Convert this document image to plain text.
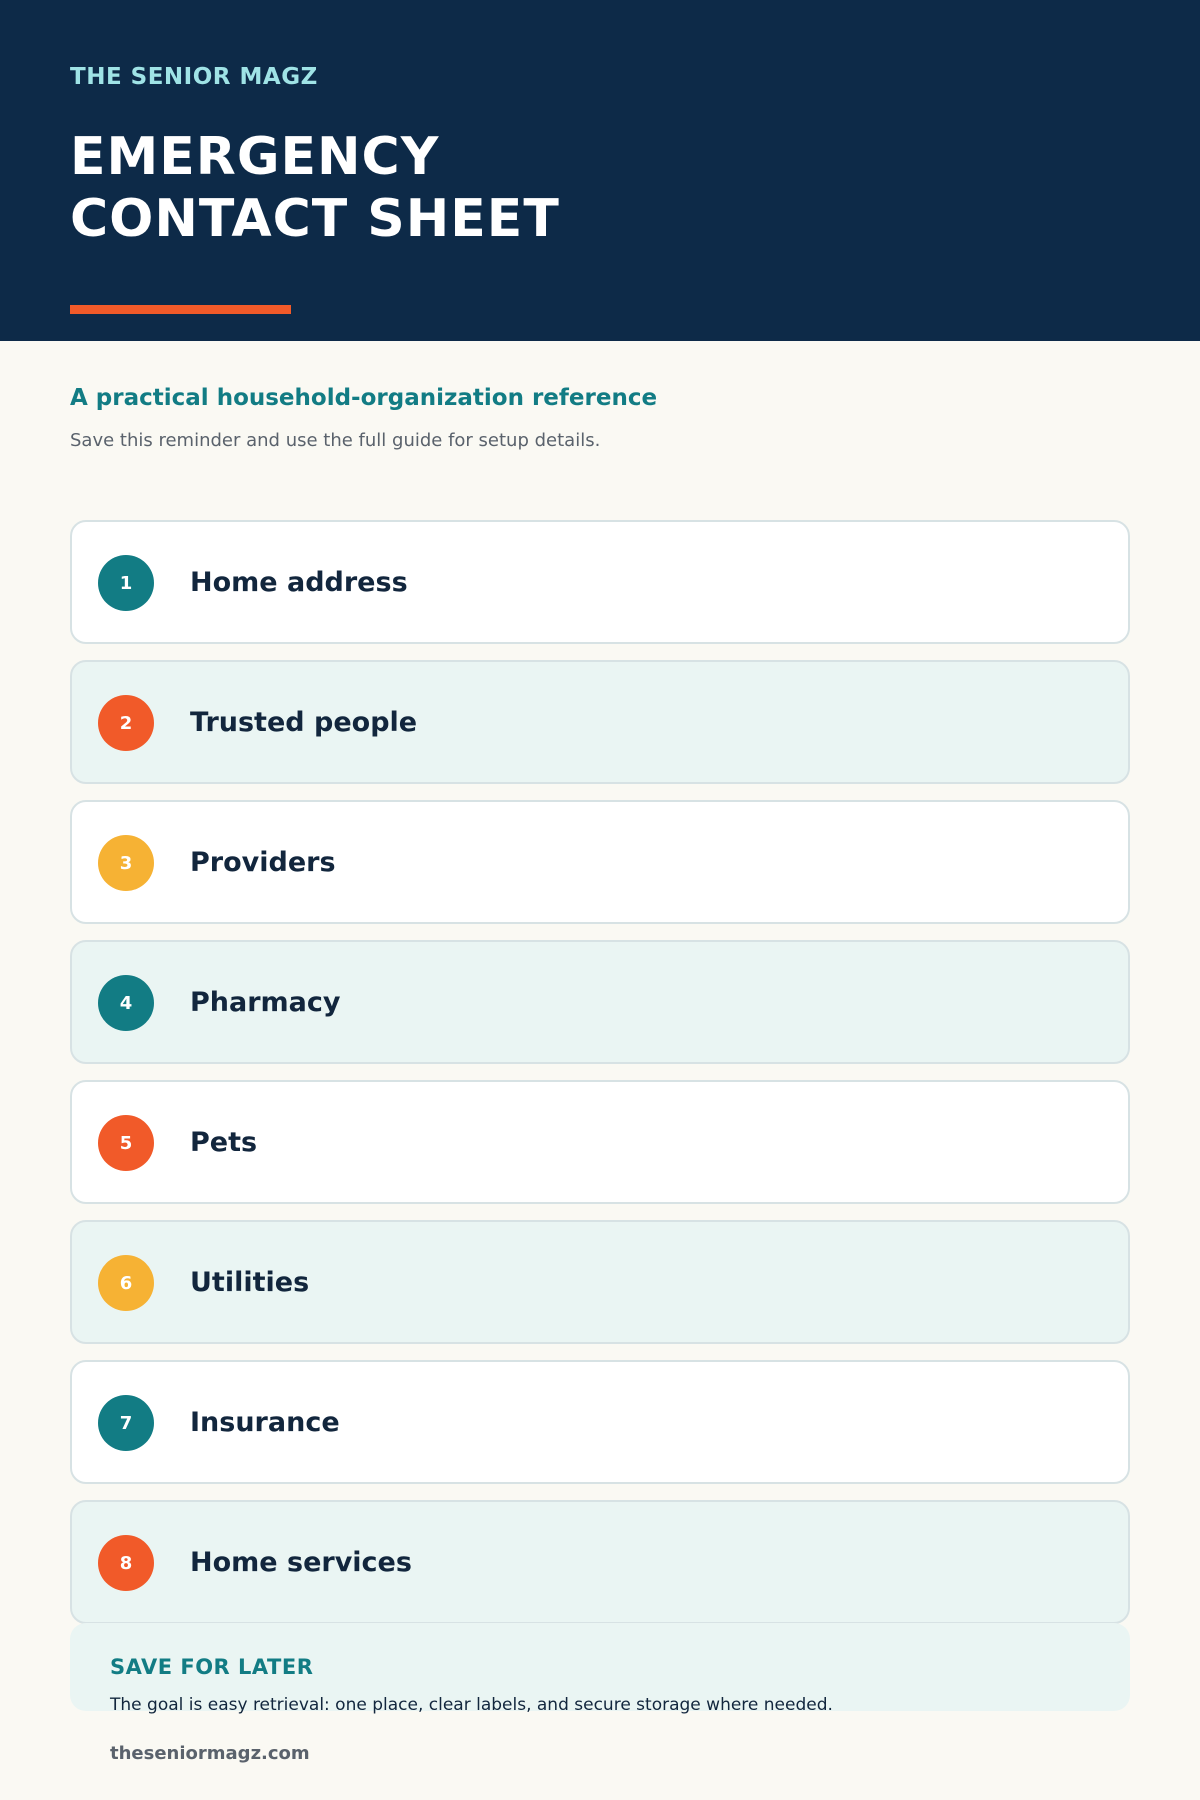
THE SENIOR MAGZ
EMERGENCY
CONTACT SHEET
A practical household-organization reference
Save this reminder and use the full guide for setup details.
1	Home address
2	Trusted people
3	Providers
4	Pharmacy
5	Pets
6	Utilities
7	Insurance
8	Home services
SAVE FOR LATER
The goal is easy retrieval: one place, clear labels, and secure storage where needed.
theseniormagz.com
